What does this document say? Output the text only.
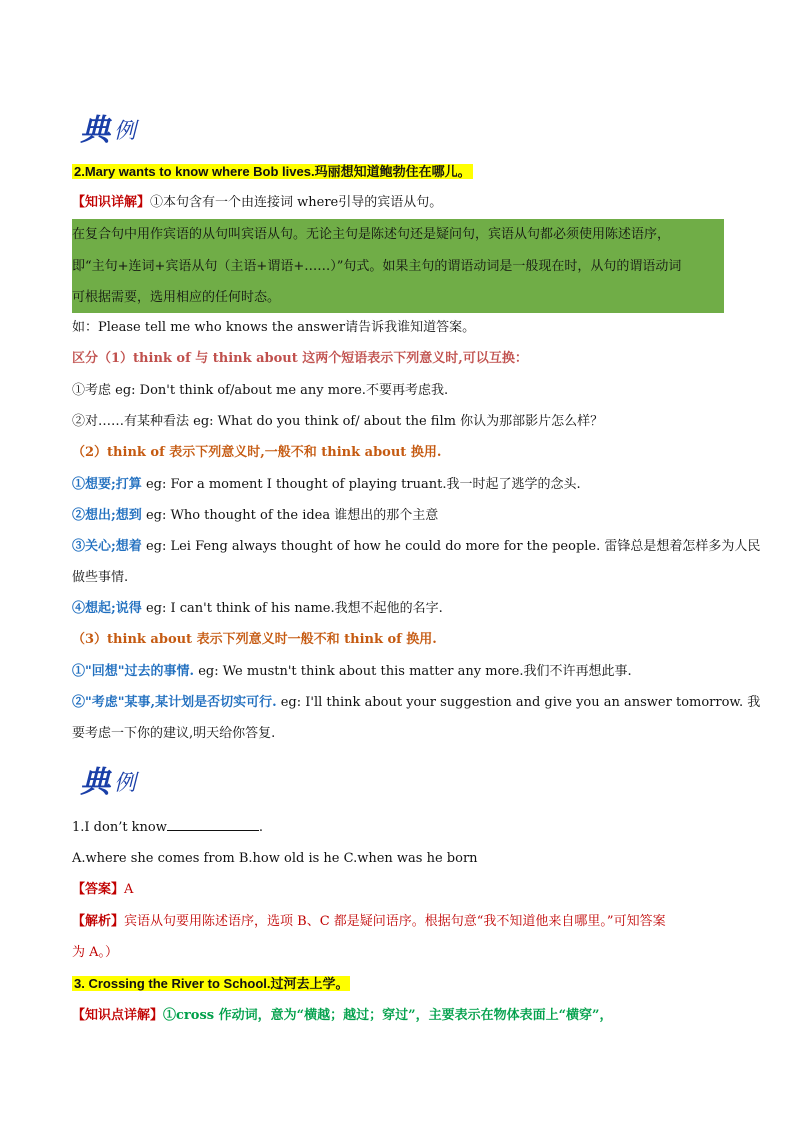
典 例
2.Mary wants to know where Bob lives.玛丽想知道鲍勃住在哪儿。
【知识详解】①本句含有一个由连接词 where引导的宾语从句。
在复合句中用作宾语的从句叫宾语从句。无论主句是陈述句还是疑问句，宾语从句都必须使用陈述语序，
即“主句+连词+宾语从句（主语+谓语+……）”句式。如果主句的谓语动词是一般现在时，从句的谓语动词
可根据需要，选用相应的任何时态。
如：Please tell me who knows the answer请告诉我谁知道答案。
区分（1）think of 与 think about 这两个短语表示下列意义时,可以互换：
①考虑 eg: Don't think of/about me any more.不要再考虑我.
②对……有某种看法 eg: What do you think of/ about the film 你认为那部影片怎么样？
（2）think of 表示下列意义时,一般不和 think about 换用.
①想要;打算 eg: For a moment I thought of playing truant.我一时起了逃学的念头.
②想出;想到 eg: Who thought of the idea 谁想出的那个主意
③关心;想着 eg: Lei Feng always thought of how he could do more for the people. 雷锋总是想着怎样多为人民
做些事情.
④想起;说得 eg: I can't think of his name.我想不起他的名字.
（3）think about 表示下列意义时一般不和 think of 换用.
①"回想"过去的事情. eg: We mustn't think about this matter any more.我们不许再想此事.
②"考虑"某事,某计划是否切实可行. eg: I'll think about your suggestion and give you an answer tomorrow. 我
要考虑一下你的建议,明天给你答复.
1.I don’t know	.
A.where she comes from B.how old is he C.when was he born
【答案】A
【解析】宾语从句要用陈述语序，选项 B、C 都是疑问语序。根据句意“我不知道他来自哪里。”可知答案
为 A。）
3. Crossing the River to School.过河去上学。
【知识点详解】①cross 作动词，意为“横越；越过；穿过”，主要表示在物体表面上“横穿”，
典 例
